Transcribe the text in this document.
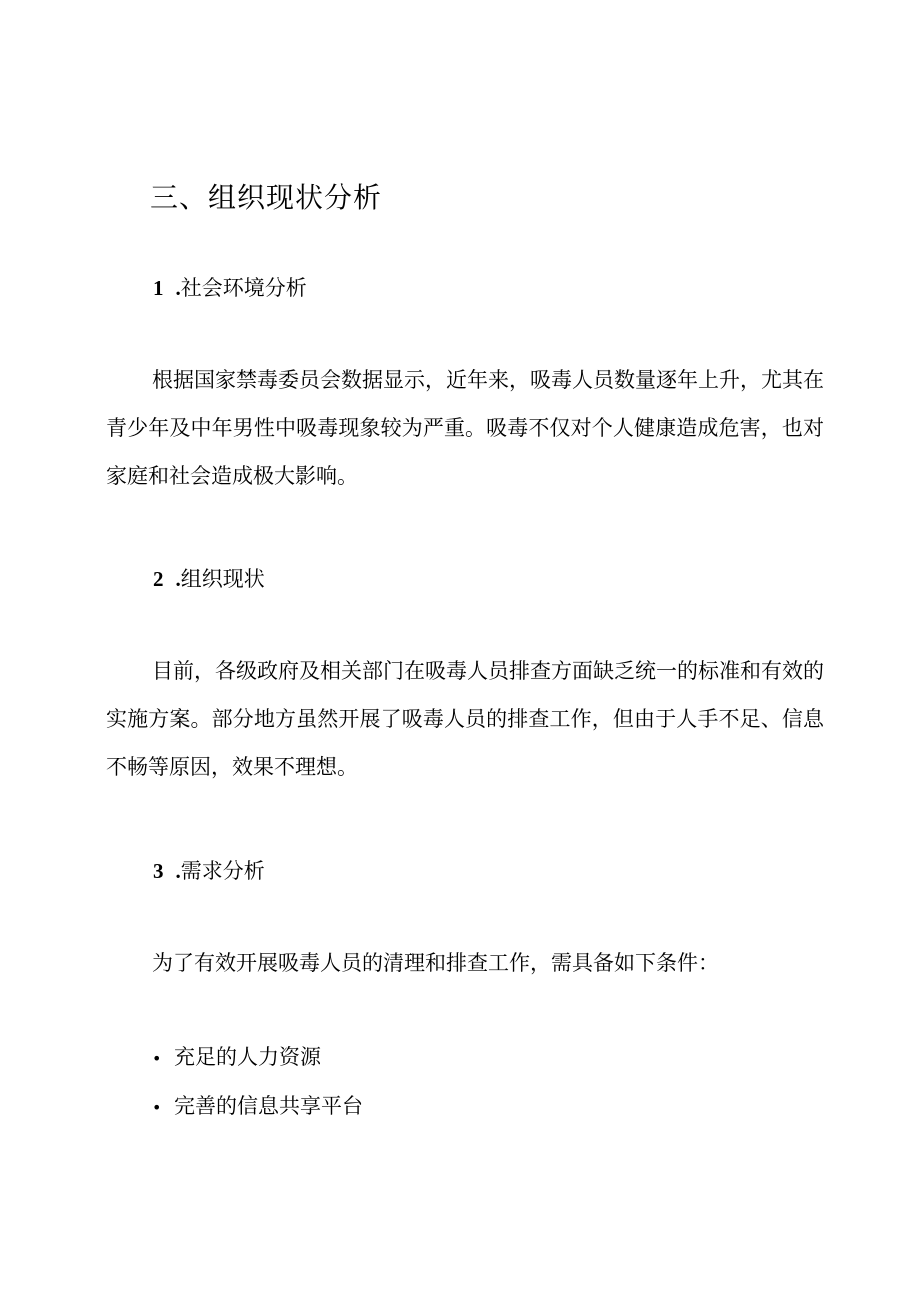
三、组织现状分析
1 .社会环境分析

根据国家禁毒委员会数据显示，近年来，吸毒人员数量逐年上升，尤其在青少年及中年男性中吸毒现象较为严重。吸毒不仅对个人健康造成危害，也对家庭和社会造成极大影响。

2 .组织现状

目前，各级政府及相关部门在吸毒人员排查方面缺乏统一的标准和有效的实施方案。部分地方虽然开展了吸毒人员的排查工作，但由于人手不足、信息不畅等原因，效果不理想。

3 .需求分析

为了有效开展吸毒人员的清理和排查工作，需具备如下条件：

• 充足的人力资源
• 完善的信息共享平台
